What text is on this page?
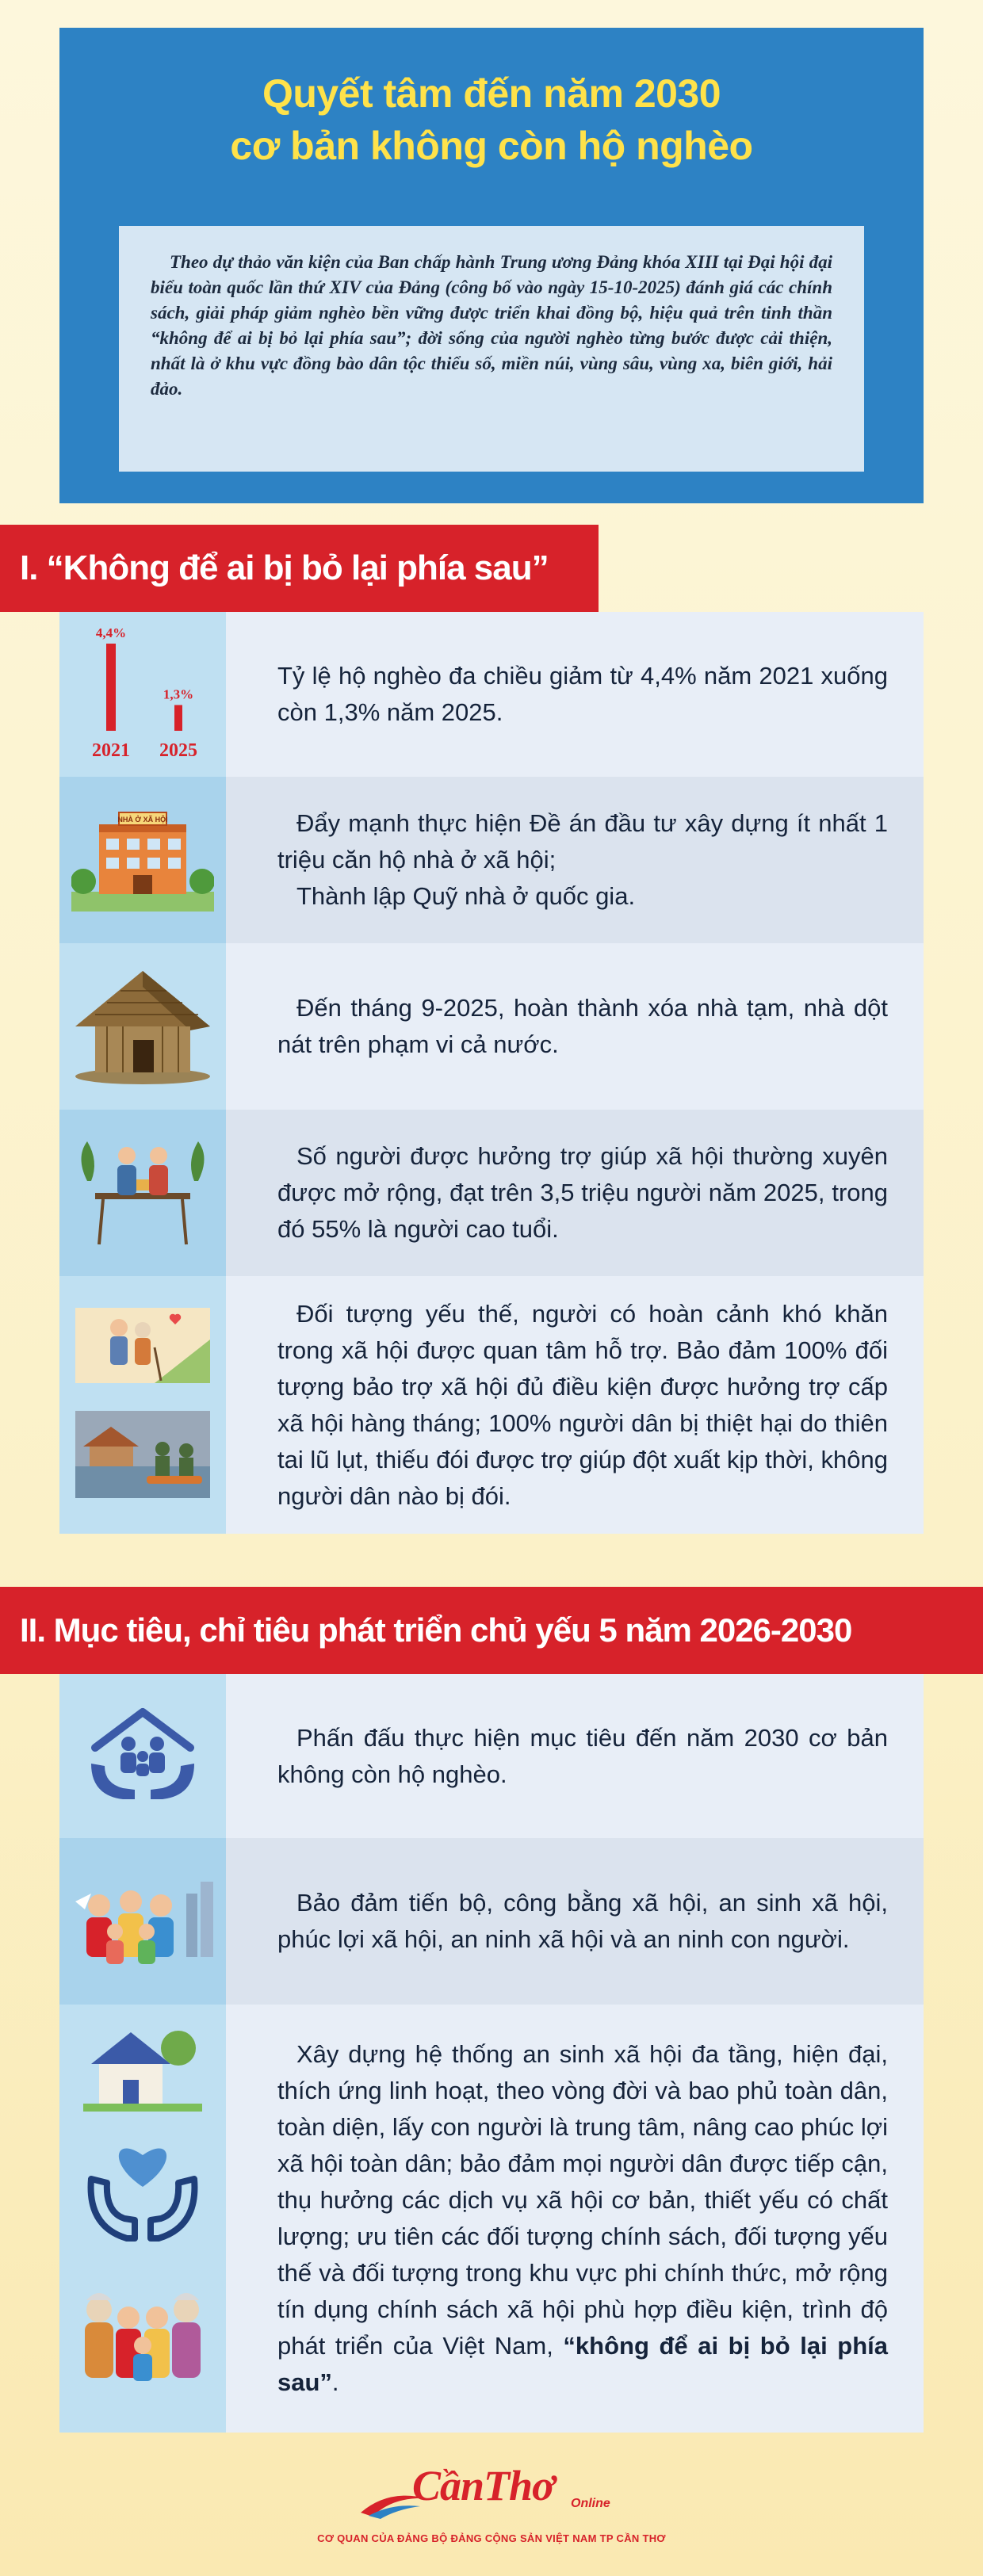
Quyết tâm đến năm 2030
cơ bản không còn hộ nghèo
Theo dự thảo văn kiện của Ban chấp hành Trung ương Đảng khóa XIII tại Đại hội đại biểu toàn quốc lần thứ XIV của Đảng (công bố vào ngày 15-10-2025) đánh giá các chính sách, giải pháp giảm nghèo bền vững được triển khai đồng bộ, hiệu quả trên tinh thần “không để ai bị bỏ lại phía sau”; đời sống của người nghèo từng bước được cải thiện, nhất là ở khu vực đồng bào dân tộc thiểu số, miền núi, vùng sâu, vùng xa, biên giới, hải đảo.
I. “Không để ai bị bỏ lại phía sau”
4,4%
2021
1,3%
2025
Tỷ lệ hộ nghèo đa chiều giảm từ 4,4% năm 2021 xuống còn 1,3% năm 2025.
NHÀ Ở XÃ HỘI	Đẩy mạnh thực hiện Đề án đầu tư xây dựng ít nhất 1 triệu căn hộ nhà ở xã hội;
Thành lập Quỹ nhà ở quốc gia.
Đến tháng 9-2025, hoàn thành xóa nhà tạm, nhà dột nát trên phạm vi cả nước.
Số người được hưởng trợ giúp xã hội thường xuyên được mở rộng, đạt trên 3,5 triệu người năm 2025, trong đó 55% là người cao tuổi.
Đối tượng yếu thế, người có hoàn cảnh khó khăn trong xã hội được quan tâm hỗ trợ. Bảo đảm 100% đối tượng bảo trợ xã hội đủ điều kiện được hưởng trợ cấp xã hội hàng tháng; 100% người dân bị thiệt hại do thiên tai lũ lụt, thiếu đói được trợ giúp đột xuất kịp thời, không người dân nào bị đói.
II. Mục tiêu, chỉ tiêu phát triển chủ yếu 5 năm 2026-2030
Phấn đấu thực hiện mục tiêu đến năm 2030 cơ bản không còn hộ nghèo.
Bảo đảm tiến bộ, công bằng xã hội, an sinh xã hội, phúc lợi xã hội, an ninh xã hội và an ninh con người.
Xây dựng hệ thống an sinh xã hội đa tầng, hiện đại, thích ứng linh hoạt, theo vòng đời và bao phủ toàn dân, toàn diện, lấy con người là trung tâm, nâng cao phúc lợi xã hội toàn dân; bảo đảm mọi người dân được tiếp cận, thụ hưởng các dịch vụ xã hội cơ bản, thiết yếu có chất lượng; ưu tiên các đối tượng chính sách, đối tượng yếu thế và đối tượng trong khu vực phi chính thức, mở rộng tín dụng chính sách xã hội phù hợp điều kiện, trình độ phát triển của Việt Nam, “không để ai bị bỏ lại phía sau”.
CầnThơ Online
CƠ QUAN CỦA ĐẢNG BỘ ĐẢNG CỘNG SẢN VIỆT NAM TP CẦN THƠ
